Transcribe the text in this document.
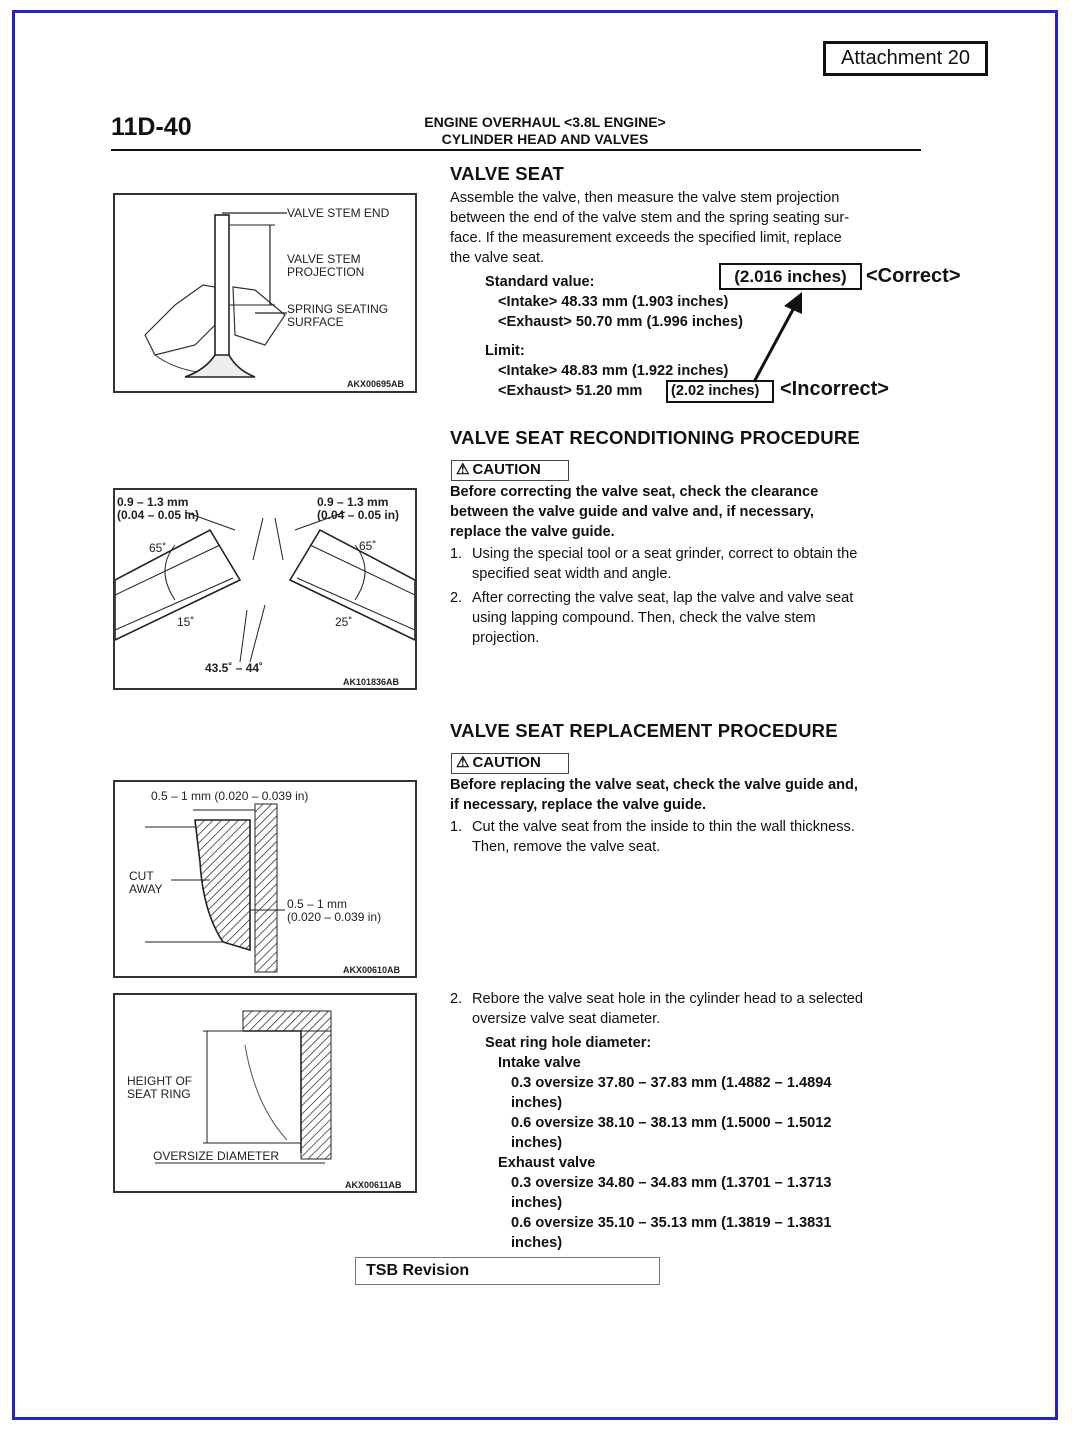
Attachment 20
11D-40	ENGINE OVERHAUL <3.8L ENGINE>
CYLINDER HEAD AND VALVES
VALVE STEM END
VALVE STEM
PROJECTION
SPRING SEATING
SURFACE
AKX00695AB
VALVE SEAT
Assemble the valve, then measure the valve stem projection
between the end of the valve stem and the spring seating sur-
face. If the measurement exceeds the specified limit, replace
the valve seat.
Standard value:
<Intake> 48.33 mm (1.903 inches)
<Exhaust> 50.70 mm (1.996 inches)
Limit:
<Intake> 48.83 mm (1.922 inches)
<Exhaust> 51.20 mm	(2.02 inches)	<Incorrect>
(2.016 inches) <Correct>
VALVE SEAT RECONDITIONING PROCEDURE
⚠ CAUTION
Before correcting the valve seat, check the clearance
between the valve guide and valve and, if necessary,
replace the valve guide.
1. Using the special tool or a seat grinder, correct to obtain the
specified seat width and angle.
2. After correcting the valve seat, lap the valve and valve seat
using lapping compound. Then, check the valve stem
projection.
0.9 – 1.3 mm
(0.04 – 0.05 in)
0.9 – 1.3 mm
(0.04 – 0.05 in)
65˚	65˚
15˚	25˚
43.5˚ – 44˚
AK101836AB
VALVE SEAT REPLACEMENT PROCEDURE
⚠ CAUTION
Before replacing the valve seat, check the valve guide and,
if necessary, replace the valve guide.
1. Cut the valve seat from the inside to thin the wall thickness.
Then, remove the valve seat.
0.5 – 1 mm (0.020 – 0.039 in)
CUT
AWAY
0.5 – 1 mm
(0.020 – 0.039 in)
AKX00610AB
HEIGHT OF
SEAT RING
OVERSIZE DIAMETER
AKX00611AB
2. Rebore the valve seat hole in the cylinder head to a selected
oversize valve seat diameter.
Seat ring hole diameter:
Intake valve
0.3 oversize 37.80 – 37.83 mm (1.4882 – 1.4894
inches)
0.6 oversize 38.10 – 38.13 mm (1.5000 – 1.5012
inches)
Exhaust valve
0.3 oversize 34.80 – 34.83 mm (1.3701 – 1.3713
inches)
0.6 oversize 35.10 – 35.13 mm (1.3819 – 1.3831
inches)
TSB Revision
